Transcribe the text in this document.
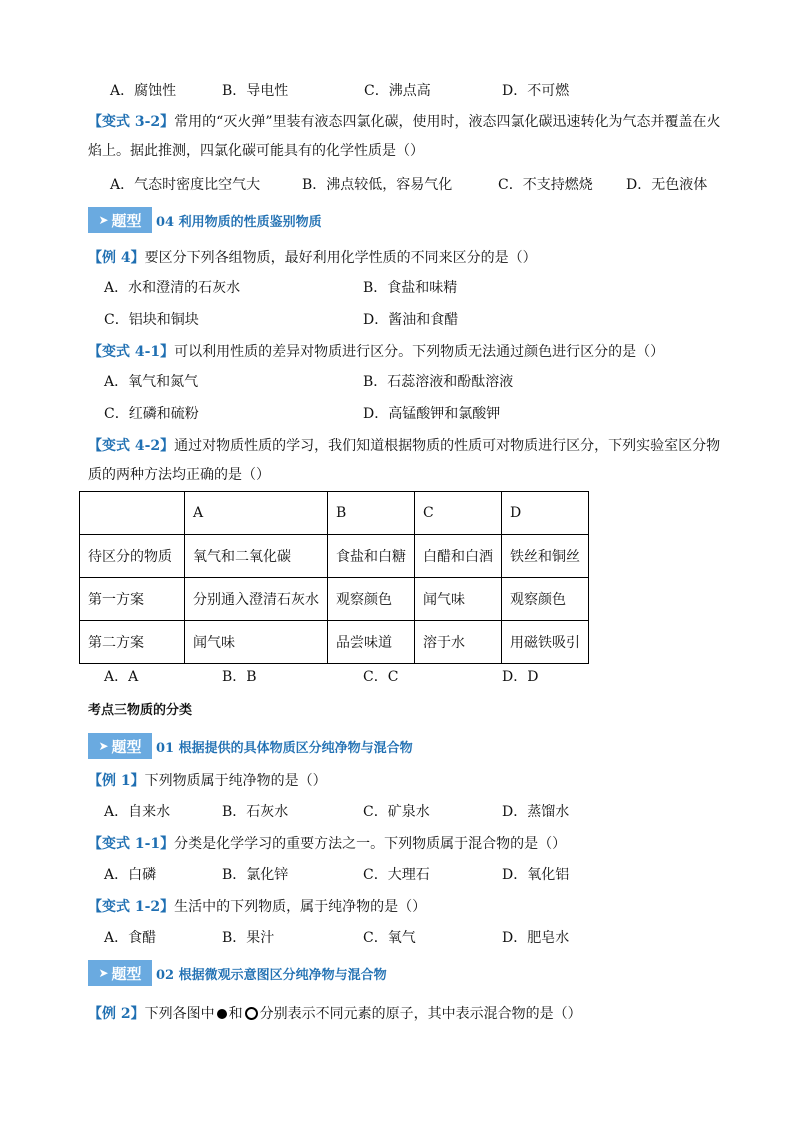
A．腐蚀性	B．导电性	C．沸点高	D．不可燃
【变式 3-2】常用的“灭火弹”里装有液态四氯化碳，使用时，液态四氯化碳迅速转化为气态并覆盖在火
焰上。据此推测，四氯化碳可能具有的化学性质是（）
A．气态时密度比空气大	B．沸点较低，容易气化	C．不支持燃烧 D．无色液体
➤ 题型 04 利用物质的性质鉴别物质
【例 4】要区分下列各组物质，最好利用化学性质的不同来区分的是（）
A．水和澄清的石灰水	B．食盐和味精
C．铝块和铜块	D．酱油和食醋
【变式 4-1】可以利用性质的差异对物质进行区分。下列物质无法通过颜色进行区分的是（）
A．氧气和氮气	B．石蕊溶液和酚酞溶液
C．红磷和硫粉	D．高锰酸钾和氯酸钾
【变式 4-2】通过对物质性质的学习，我们知道根据物质的性质可对物质进行区分，下列实验室区分物
质的两种方法均正确的是（）
	A	B	C	D
待区分的物质	氧气和二氧化碳	食盐和白糖	白醋和白酒	铁丝和铜丝
第一方案	分别通入澄清石灰水	观察颜色	闻气味	观察颜色
第二方案	闻气味	品尝味道	溶于水	用磁铁吸引
A．A	B．B	C．C	D．D
考点三物质的分类
➤ 题型 01 根据提供的具体物质区分纯净物与混合物
【例 1】下列物质属于纯净物的是（）
A．自来水	B．石灰水	C．矿泉水	D．蒸馏水
【变式 1-1】分类是化学学习的重要方法之一。下列物质属于混合物的是（）
A．白磷	B．氯化锌	C．大理石	D．氧化铝
【变式 1-2】生活中的下列物质，属于纯净物的是（）
A．食醋	B．果汁	C．氧气	D．肥皂水
➤ 题型 02 根据微观示意图区分纯净物与混合物
【例 2】下列各图中 和 分别表示不同元素的原子，其中表示混合物的是（）
